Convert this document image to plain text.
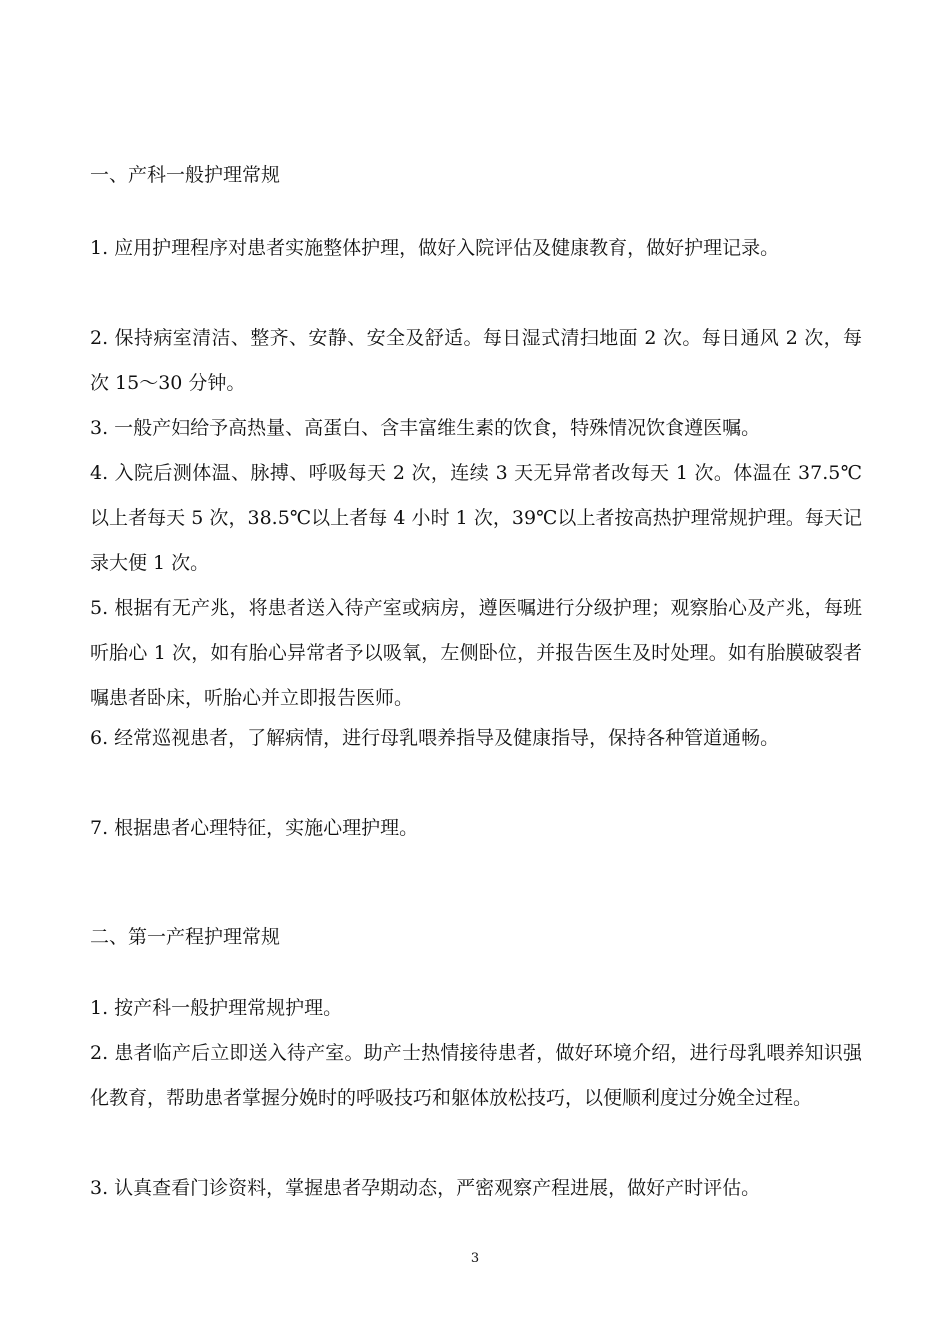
一、产科一般护理常规
1. 应用护理程序对患者实施整体护理，做好入院评估及健康教育，做好护理记录。
2. 保持病室清洁、整齐、安静、安全及舒适。每日湿式清扫地面 2 次。每日通风 2 次，每次 15～30 分钟。
3. 一般产妇给予高热量、高蛋白、含丰富维生素的饮食，特殊情况饮食遵医嘱。
4. 入院后测体温、脉搏、呼吸每天 2 次，连续 3 天无异常者改每天 1 次。体温在 37.5℃以上者每天 5 次，38.5℃以上者每 4 小时 1 次，39℃以上者按高热护理常规护理。每天记录大便 1 次。
5. 根据有无产兆，将患者送入待产室或病房，遵医嘱进行分级护理；观察胎心及产兆，每班听胎心 1 次，如有胎心异常者予以吸氧，左侧卧位，并报告医生及时处理。如有胎膜破裂者嘱患者卧床，听胎心并立即报告医师。
6. 经常巡视患者，了解病情，进行母乳喂养指导及健康指导，保持各种管道通畅。
7. 根据患者心理特征，实施心理护理。
二、第一产程护理常规
1. 按产科一般护理常规护理。
2. 患者临产后立即送入待产室。助产士热情接待患者，做好环境介绍，进行母乳喂养知识强化教育，帮助患者掌握分娩时的呼吸技巧和躯体放松技巧，以便顺利度过分娩全过程。
3. 认真查看门诊资料，掌握患者孕期动态，严密观察产程进展，做好产时评估。
3
